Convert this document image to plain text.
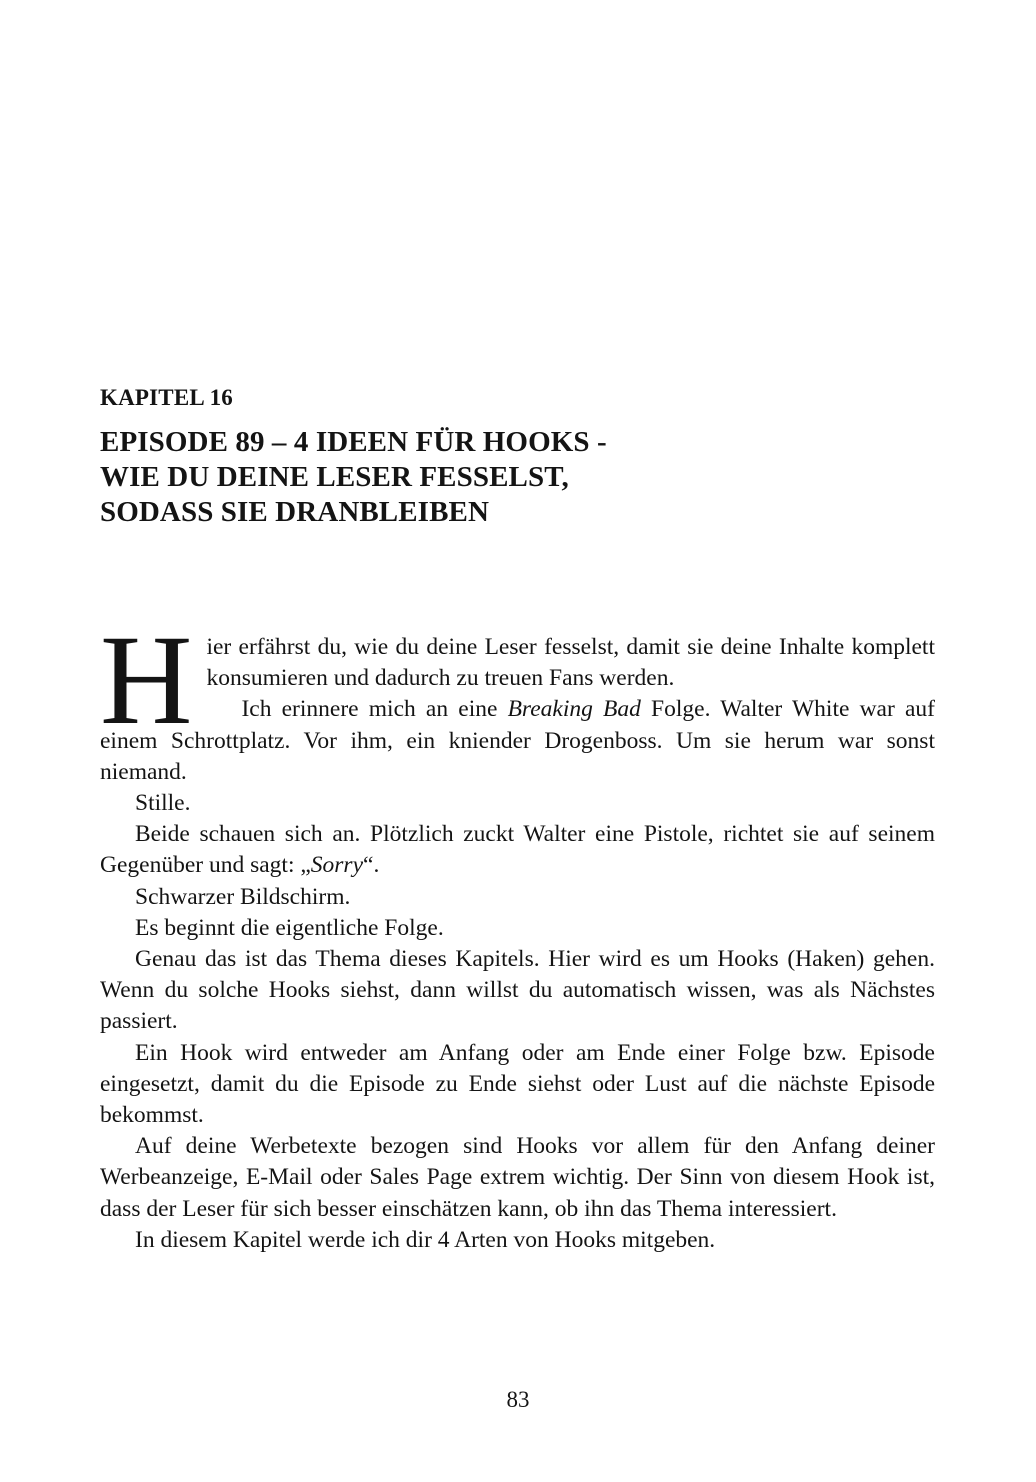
KAPITEL 16
EPISODE 89 – 4 IDEEN FÜR HOOKS -
WIE DU DEINE LESER FESSELST,
SODASS SIE DRANBLEIBEN

Hier erfährst du, wie du deine Leser fesselst, damit sie deine Inhalte komplett konsumieren und dadurch zu treuen Fans werden.
Ich erinnere mich an eine Breaking Bad Folge. Walter White war auf einem Schrottplatz. Vor ihm, ein kniender Drogenboss. Um sie herum war sonst niemand.

Stille.

Beide schauen sich an. Plötzlich zuckt Walter eine Pistole, richtet sie auf seinem Gegenüber und sagt: „Sorry“.

Schwarzer Bildschirm.

Es beginnt die eigentliche Folge.

Genau das ist das Thema dieses Kapitels. Hier wird es um Hooks (Haken) gehen. Wenn du solche Hooks siehst, dann willst du automatisch wissen, was als Nächstes passiert.

Ein Hook wird entweder am Anfang oder am Ende einer Folge bzw. Episode eingesetzt, damit du die Episode zu Ende siehst oder Lust auf die nächste Episode bekommst.

Auf deine Werbetexte bezogen sind Hooks vor allem für den Anfang deiner Werbeanzeige, E-Mail oder Sales Page extrem wichtig. Der Sinn von diesem Hook ist, dass der Leser für sich besser einschätzen kann, ob ihn das Thema interessiert.

In diesem Kapitel werde ich dir 4 Arten von Hooks mitgeben.

83
